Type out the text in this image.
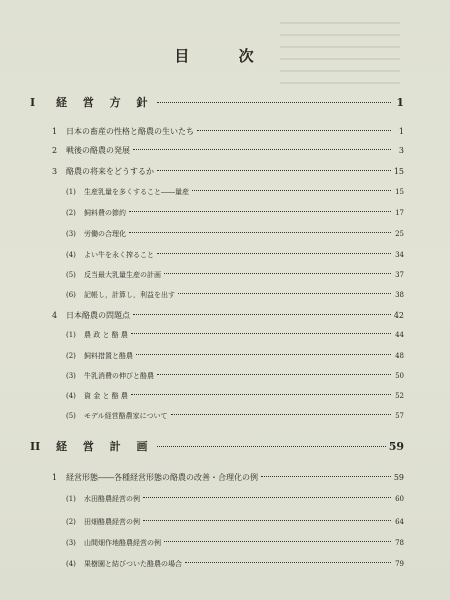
目 次
I	経 営 方 針	1
1	日本の畜産の性格と酪農の生いたち	1
2	戦後の酪農の発展	3
3	酪農の将来をどうするか	15
(1)	生産乳量を多くすること――量産	15
(2)	飼料費の節約	17
(3)	労働の合理化	25
(4)	よい牛を永く搾ること	34
(5)	反当最大乳量生産の計画	37
(6)	記帳し，計算し，利益を出す	38
4	日本酪農の問題点	42
(1)	農 政 と 酪 農	44
(2)	飼料措置と酪農	48
(3)	牛乳消費の伸びと酪農	50
(4)	資 金 と 酪 農	52
(5)	モデル経営酪農家について	57
II	経 営 計 画	59
1	経営形態――各種経営形態の酪農の改善・合理化の例	59
(1)	水田酪農経営の例	60
(2)	田畑酪農経営の例	64
(3)	山間畑作地酪農経営の例	78
(4)	果樹園と結びついた酪農の場合	79
